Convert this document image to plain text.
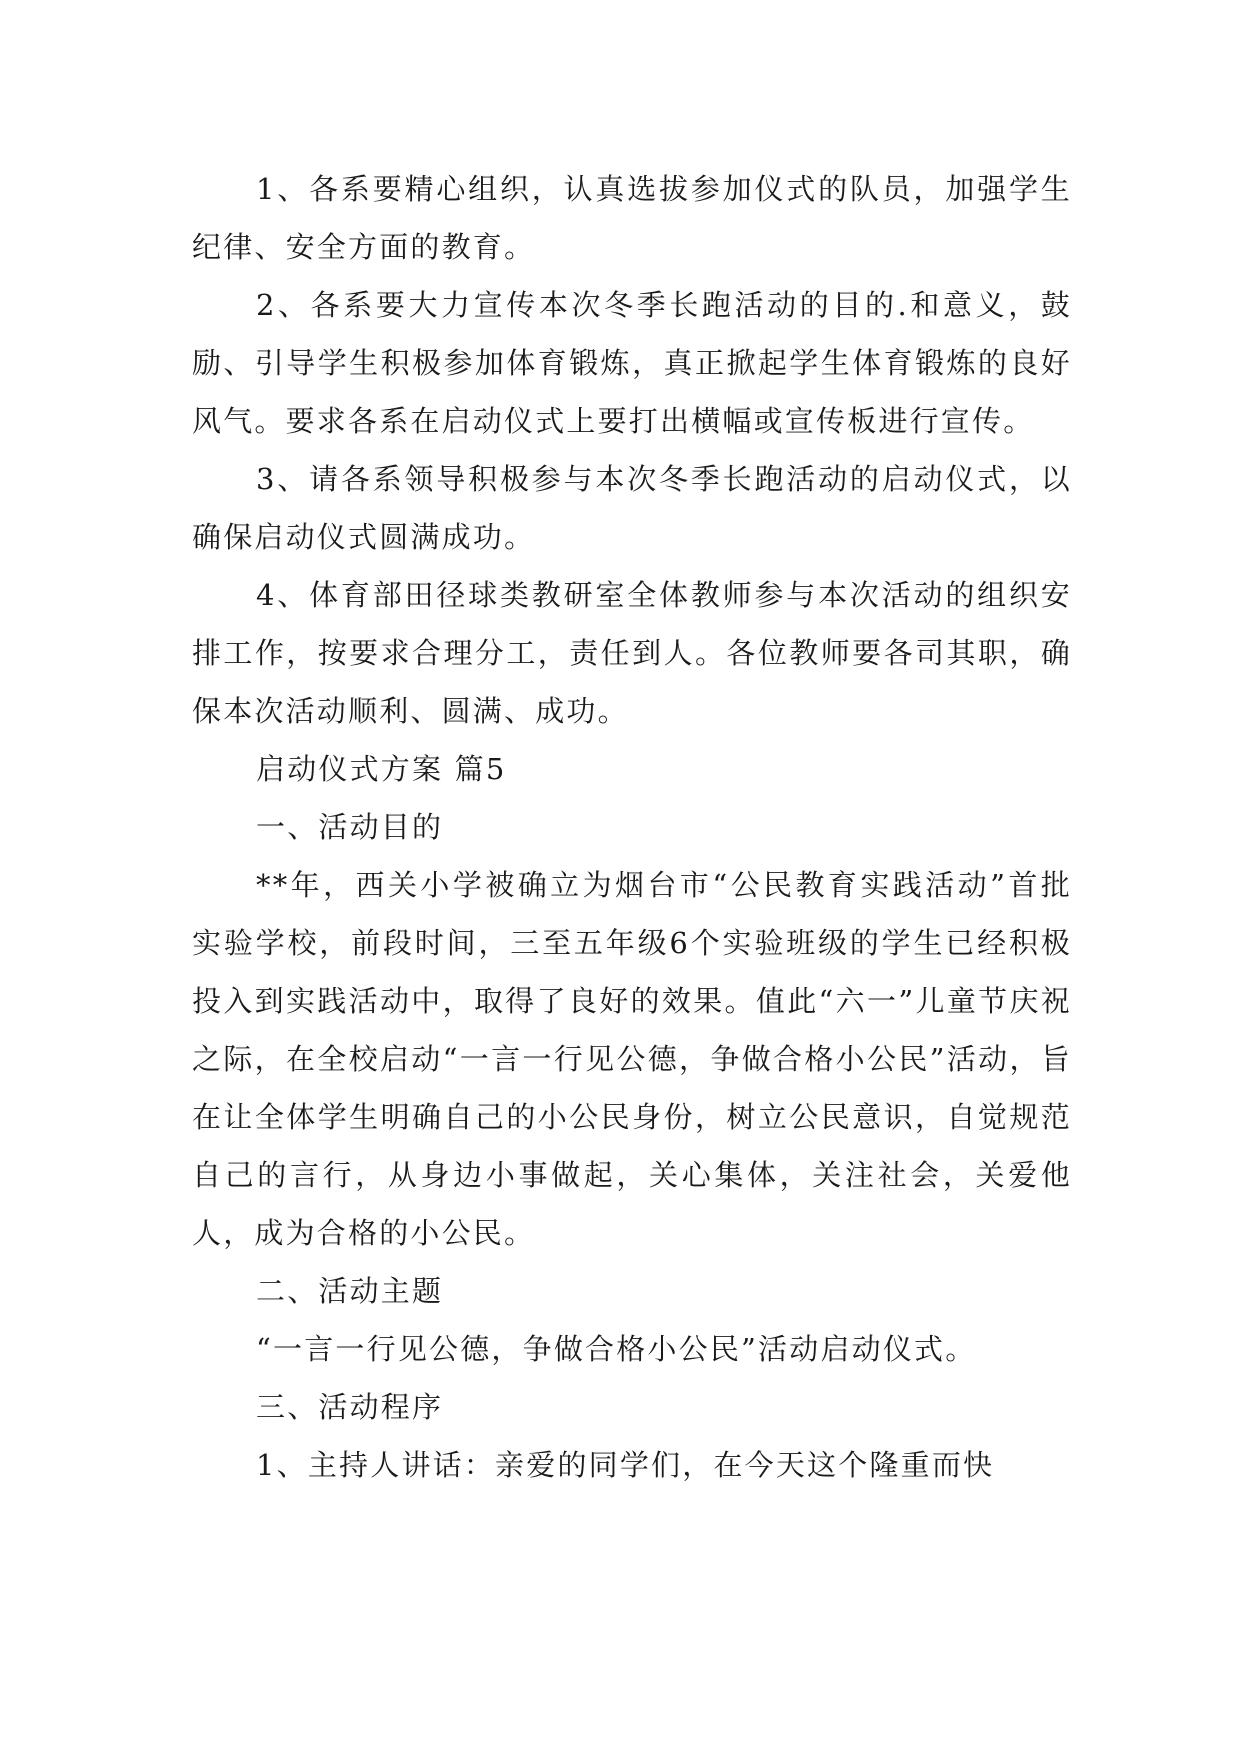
1、各系要精心组织，认真选拔参加仪式的队员，加强学生纪律、安全方面的教育。

2、各系要大力宣传本次冬季长跑活动的目的.和意义，鼓励、引导学生积极参加体育锻炼，真正掀起学生体育锻炼的良好风气。要求各系在启动仪式上要打出横幅或宣传板进行宣传。

3、请各系领导积极参与本次冬季长跑活动的启动仪式，以确保启动仪式圆满成功。

4、体育部田径球类教研室全体教师参与本次活动的组织安排工作，按要求合理分工，责任到人。各位教师要各司其职，确保本次活动顺利、圆满、成功。

启动仪式方案 篇5

一、活动目的

**年，西关小学被确立为烟台市“公民教育实践活动”首批实验学校，前段时间，三至五年级6个实验班级的学生已经积极投入到实践活动中，取得了良好的效果。值此“六一”儿童节庆祝之际，在全校启动“一言一行见公德，争做合格小公民”活动，旨在让全体学生明确自己的小公民身份，树立公民意识，自觉规范自己的言行，从身边小事做起，关心集体，关注社会，关爱他人，成为合格的小公民。

二、活动主题

“一言一行见公德，争做合格小公民”活动启动仪式。

三、活动程序

1、主持人讲话：亲爱的同学们，在今天这个隆重而快
